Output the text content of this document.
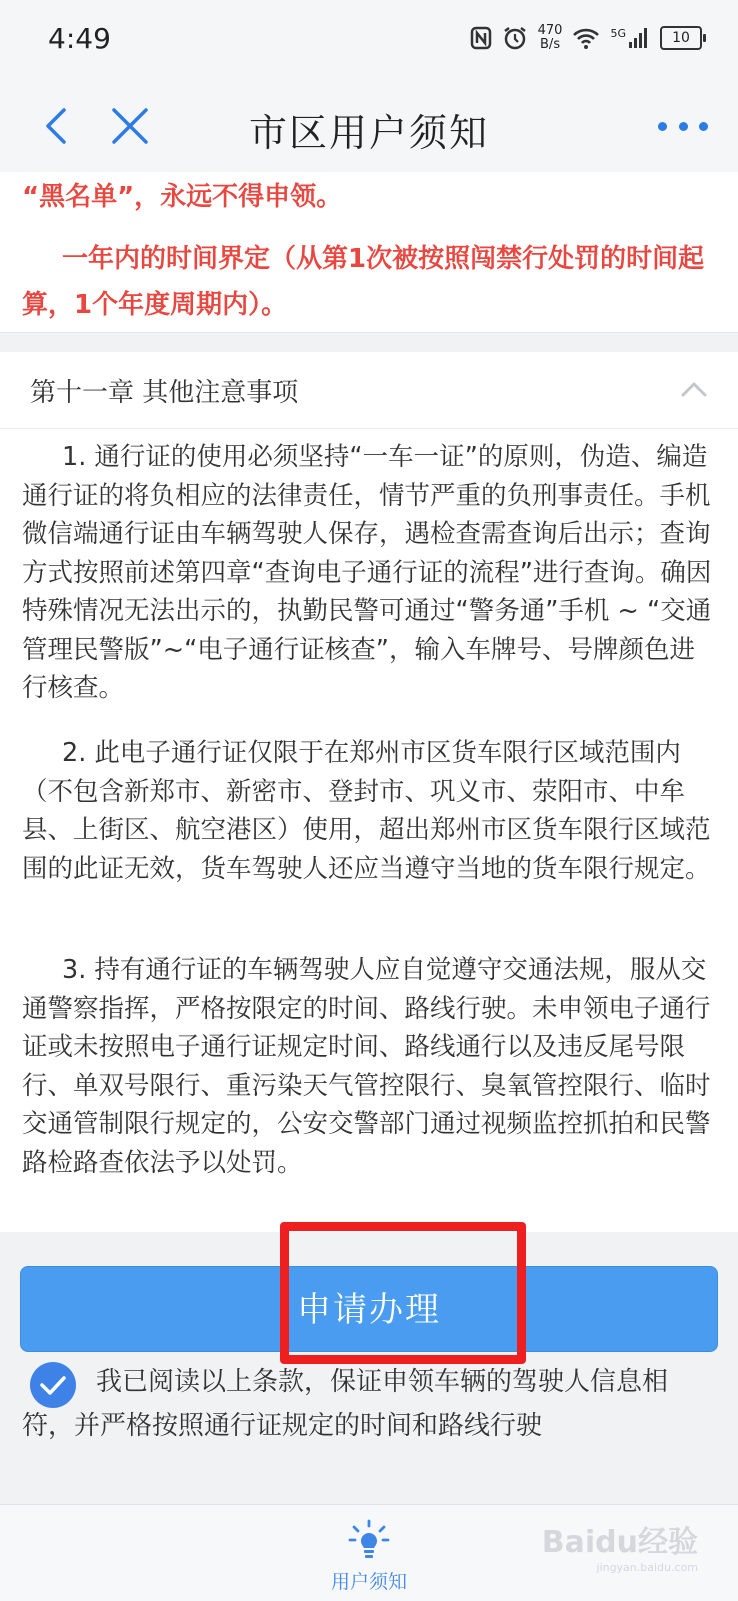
4:49	470
B/s
5G	10
市区用户须知
“黑名单”，永远不得申领。
一年内的时间界定（从第1次被按照闯禁行处罚的时间起算，1个年度周期内）。
第十一章 其他注意事项

1. 通行证的使用必须坚持“一车一证”的原则，伪造、编造通行证的将负相应的法律责任，情节严重的负刑事责任。手机微信端通行证由车辆驾驶人保存，遇检查需查询后出示；查询方式按照前述第四章“查询电子通行证的流程”进行查询。确因特殊情况无法出示的，执勤民警可通过“警务通”手机 ~ “交通管理民警版”~“电子通行证核查”，输入车牌号、号牌颜色进行核查。

2. 此电子通行证仅限于在郑州市区货车限行区域范围内（不包含新郑市、新密市、登封市、巩义市、荥阳市、中牟县、上街区、航空港区）使用，超出郑州市区货车限行区域范围的此证无效，货车驾驶人还应当遵守当地的货车限行规定。

3. 持有通行证的车辆驾驶人应自觉遵守交通法规，服从交通警察指挥，严格按限定的时间、路线行驶。未申领电子通行证或未按照电子通行证规定时间、路线通行以及违反尾号限行、单双号限行、重污染天气管控限行、臭氧管控限行、临时交通管制限行规定的，公安交警部门通过视频监控抓拍和民警路检路查依法予以处罚。

申请办理
我已阅读以上条款，保证申领车辆的驾驶人信息相符，并严格按照通行证规定的时间和路线行驶
用户须知
Baidu经验
jingyan.baidu.com
